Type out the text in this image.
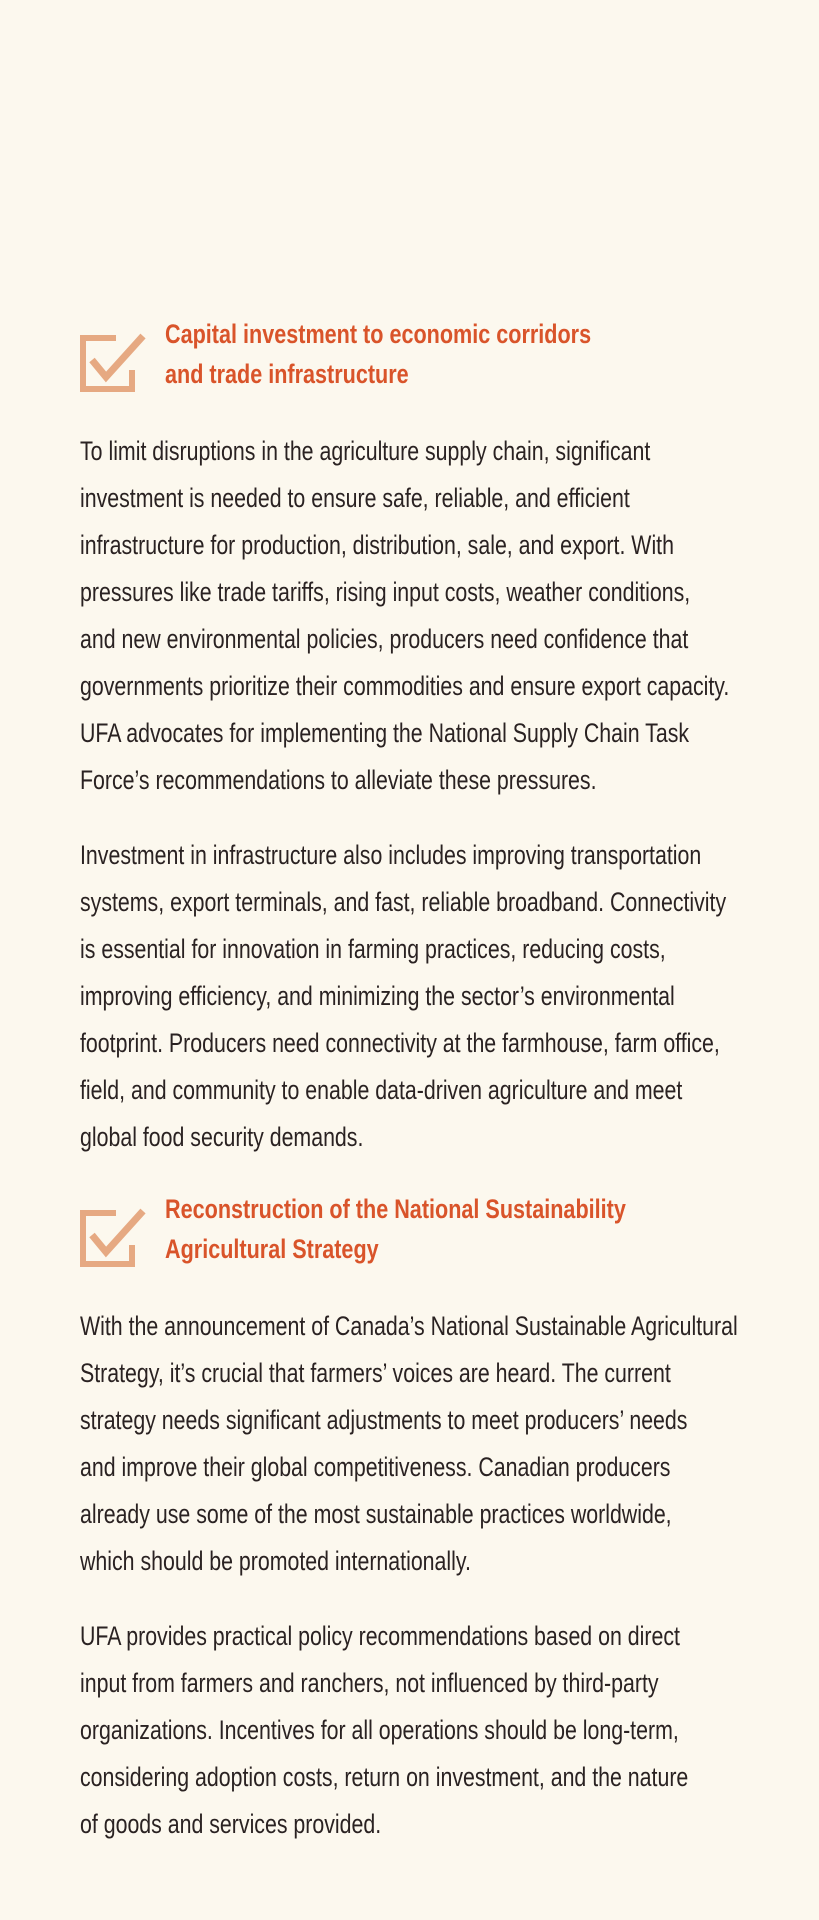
Capital investment to economic corridors
and trade infrastructure

To limit disruptions in the agriculture supply chain, significant
investment is needed to ensure safe, reliable, and efficient
infrastructure for production, distribution, sale, and export. With
pressures like trade tariffs, rising input costs, weather conditions,
and new environmental policies, producers need confidence that
governments prioritize their commodities and ensure export capacity.
UFA advocates for implementing the National Supply Chain Task
Force’s recommendations to alleviate these pressures.

Investment in infrastructure also includes improving transportation
systems, export terminals, and fast, reliable broadband. Connectivity
is essential for innovation in farming practices, reducing costs,
improving efficiency, and minimizing the sector’s environmental
footprint. Producers need connectivity at the farmhouse, farm office,
field, and community to enable data-driven agriculture and meet
global food security demands.

Reconstruction of the National Sustainability
Agricultural Strategy

With the announcement of Canada’s National Sustainable Agricultural
Strategy, it’s crucial that farmers’ voices are heard. The current
strategy needs significant adjustments to meet producers’ needs
and improve their global competitiveness. Canadian producers
already use some of the most sustainable practices worldwide,
which should be promoted internationally.

UFA provides practical policy recommendations based on direct
input from farmers and ranchers, not influenced by third-party
organizations. Incentives for all operations should be long-term,
considering adoption costs, return on investment, and the nature
of goods and services provided.
